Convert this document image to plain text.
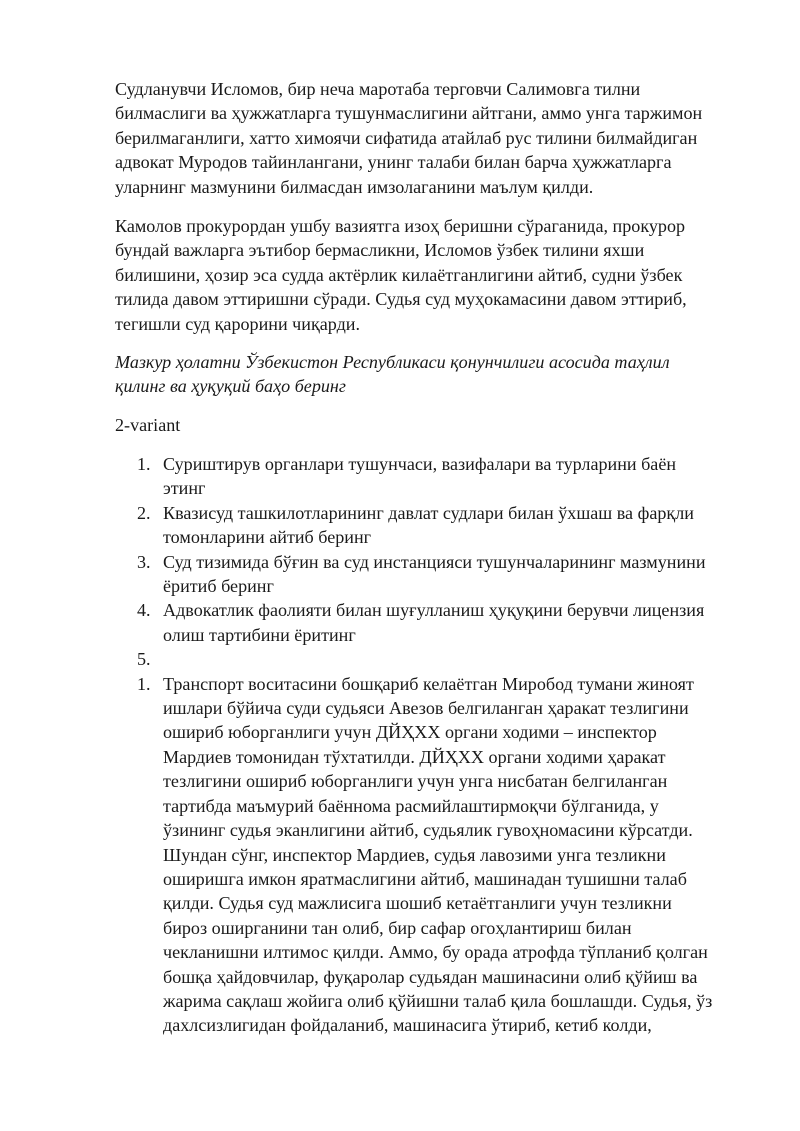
Судланувчи Исломов, бир неча маротаба терговчи Салимовга тилни
билмаслиги ва ҳужжатларга тушунмаслигини айтгани, аммо унга таржимон
берилмаганлиги, хатто химоячи сифатида атайлаб рус тилини билмайдиган
адвокат Муродов тайинлангани, унинг талаби билан барча ҳужжатларга
уларнинг мазмунини билмасдан имзолаганини маълум қилди.
Камолов прокурордан ушбу вазиятга изоҳ беришни сўраганида, прокурор
бундай важларга эътибор бермасликни, Исломов ўзбек тилини яхши
билишини, ҳозир эса судда актёрлик килаётганлигини айтиб, судни ўзбек
тилида давом эттиришни сўради. Судья суд муҳокамасини давом эттириб,
тегишли суд қарорини чиқарди.
Мазкур ҳолатни Ўзбекистон Республикаси қонунчилиги асосида таҳлил
қилинг ва ҳуқуқий баҳо беринг
2-variant
1. Суриштирув органлари тушунчаси, вазифалари ва турларини баён
этинг
2. Квазисуд ташкилотларининг давлат судлари билан ўхшаш ва фарқли
томонларини айтиб беринг
3. Суд тизимида бўғин ва суд инстанцияси тушунчаларининг мазмунини
ёритиб беринг
4. Адвокатлик фаолияти билан шуғулланиш ҳуқуқини берувчи лицензия
олиш тартибини ёритинг
5.

1. Транспорт воситасини бошқариб келаётган Миробод тумани жиноят
ишлари бўйича суди судьяси Авезов белгиланган ҳаракат тезлигини
ошириб юборганлиги учун ДЙҲХХ органи ходими – инспектор
Мардиев томонидан тўхтатилди. ДЙҲХХ органи ходими ҳаракат
тезлигини ошириб юборганлиги учун унга нисбатан белгиланган
тартибда маъмурий баённома расмийлаштирмоқчи бўлганида, у
ўзининг судья эканлигини айтиб, судьялик гувоҳномасини кўрсатди.
Шундан сўнг, инспектор Мардиев, судья лавозими унга тезликни
оширишга имкон яратмаслигини айтиб, машинадан тушишни талаб
қилди. Судья суд мажлисига шошиб кетаётганлиги учун тезликни
бироз оширганини тан олиб, бир сафар огоҳлантириш билан
чекланишни илтимос қилди. Аммо, бу орада атрофда тўпланиб қолган
бошқа ҳайдовчилар, фуқаролар судьядан машинасини олиб қўйиш ва
жарима сақлаш жойига олиб қўйишни талаб қила бошлашди. Судья, ўз
дахлсизлигидан фойдаланиб, машинасига ўтириб, кетиб колди,
